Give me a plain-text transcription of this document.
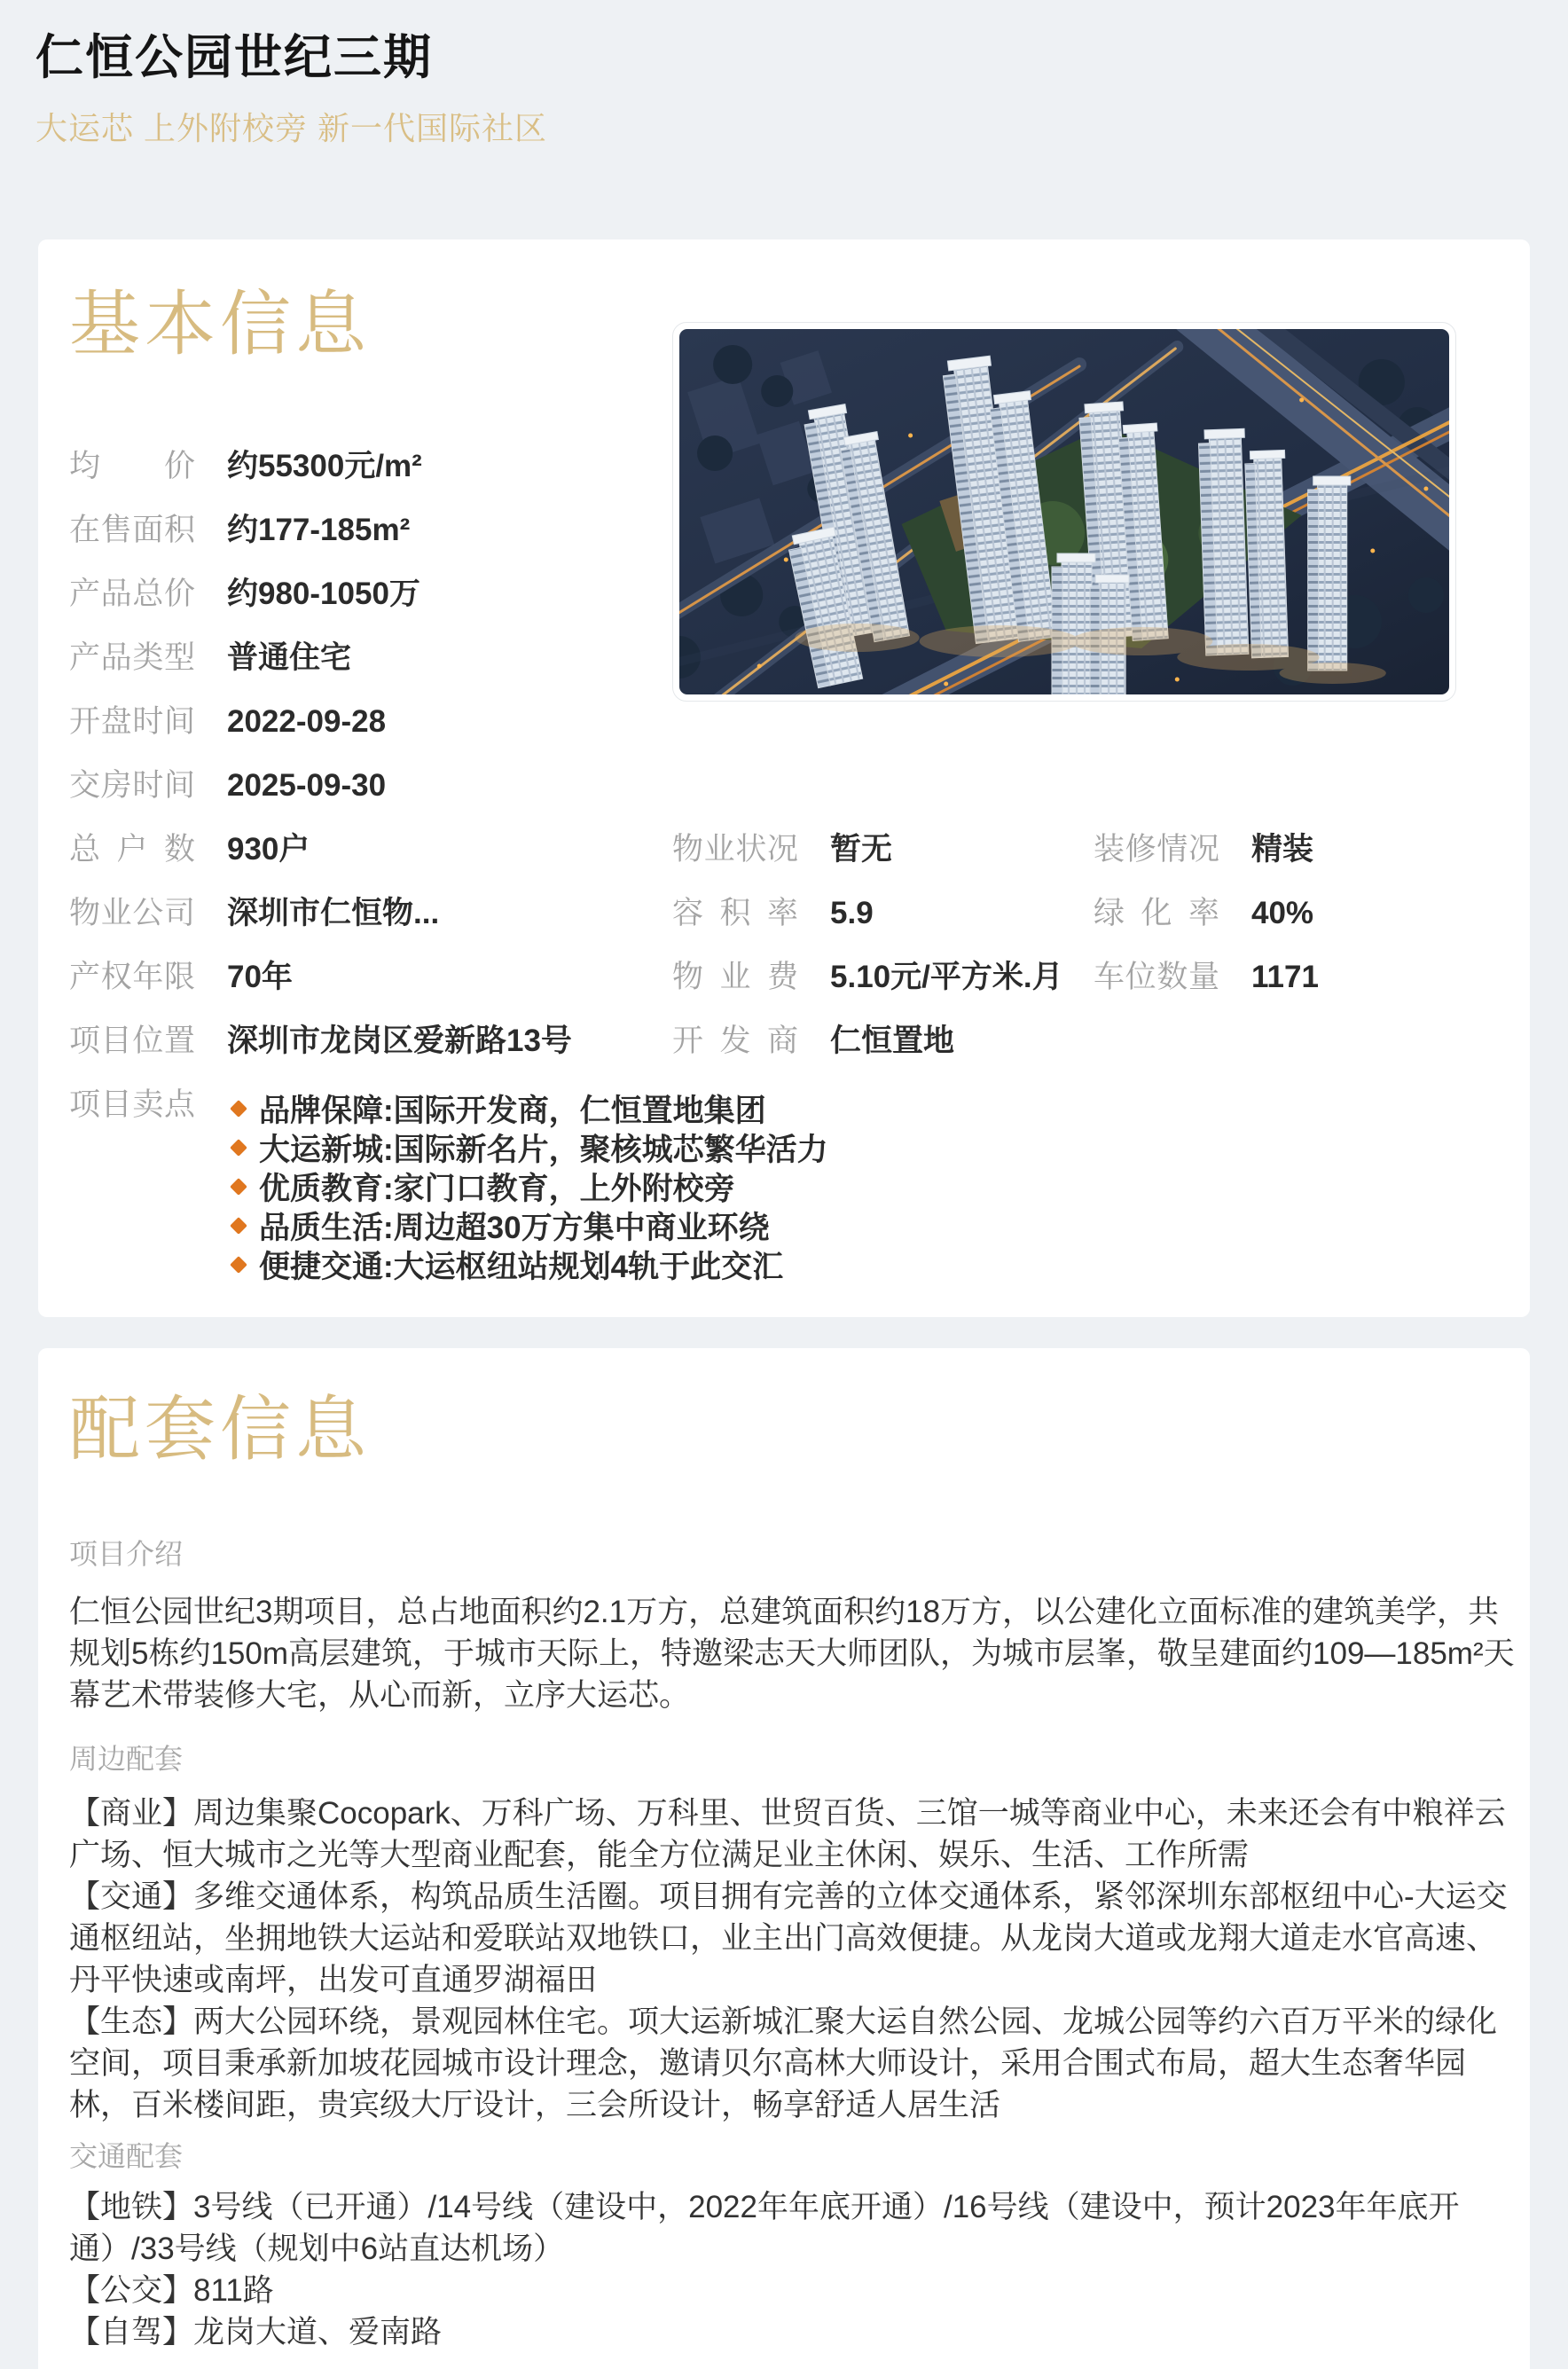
仁恒公园世纪三期
大运芯 上外附校旁 新一代国际社区
基本信息
均价 约55300元/m²
在售面积 约177-185m²
产品总价 约980-1050万
产品类型 普通住宅
开盘时间 2022-09-28
交房时间 2025-09-30
总户数 930户
物业公司 深圳市仁恒物...
产权年限 70年
项目位置 深圳市龙岗区爱新路13号
项目卖点 品牌保障:国际开发商，仁恒置地集团
大运新城:国际新名片，聚核城芯繁华活力
优质教育:家门口教育，上外附校旁
品质生活:周边超30万方集中商业环绕
便捷交通:大运枢纽站规划4轨于此交汇
物业状况 暂无
容积率 5.9
物业费 5.10元/平方米.月
开发商 仁恒置地
装修情况 精装
绿化率 40%
车位数量 1171
配套信息
项目介绍
仁恒公园世纪3期项目，总占地面积约2.1万方，总建筑面积约18万方，以公建化立面标准的建筑美学，共规划5栋约150m高层建筑，于城市天际上，特邀梁志天大师团队，为城市层峯，敬呈建面约109—185m²天幕艺术带装修大宅，从心而新，立序大运芯。
周边配套
【商业】周边集聚Cocopark、万科广场、万科里、世贸百货、三馆一城等商业中心，未来还会有中粮祥云广场、恒大城市之光等大型商业配套，能全方位满足业主休闲、娱乐、生活、工作所需
【交通】多维交通体系，构筑品质生活圈。项目拥有完善的立体交通体系，紧邻深圳东部枢纽中心-大运交通枢纽站，坐拥地铁大运站和爱联站双地铁口，业主出门高效便捷。从龙岗大道或龙翔大道走水官高速、丹平快速或南坪，出发可直通罗湖福田
【生态】两大公园环绕，景观园林住宅。项大运新城汇聚大运自然公园、龙城公园等约六百万平米的绿化空间，项目秉承新加坡花园城市设计理念，邀请贝尔高林大师设计，采用合围式布局，超大生态奢华园林，百米楼间距，贵宾级大厅设计，三会所设计，畅享舒适人居生活
交通配套
【地铁】3号线（已开通）/14号线（建设中，2022年年底开通）/16号线（建设中，预计2023年年底开通）/33号线（规划中6站直达机场）
【公交】811路
【自驾】龙岗大道、爱南路
